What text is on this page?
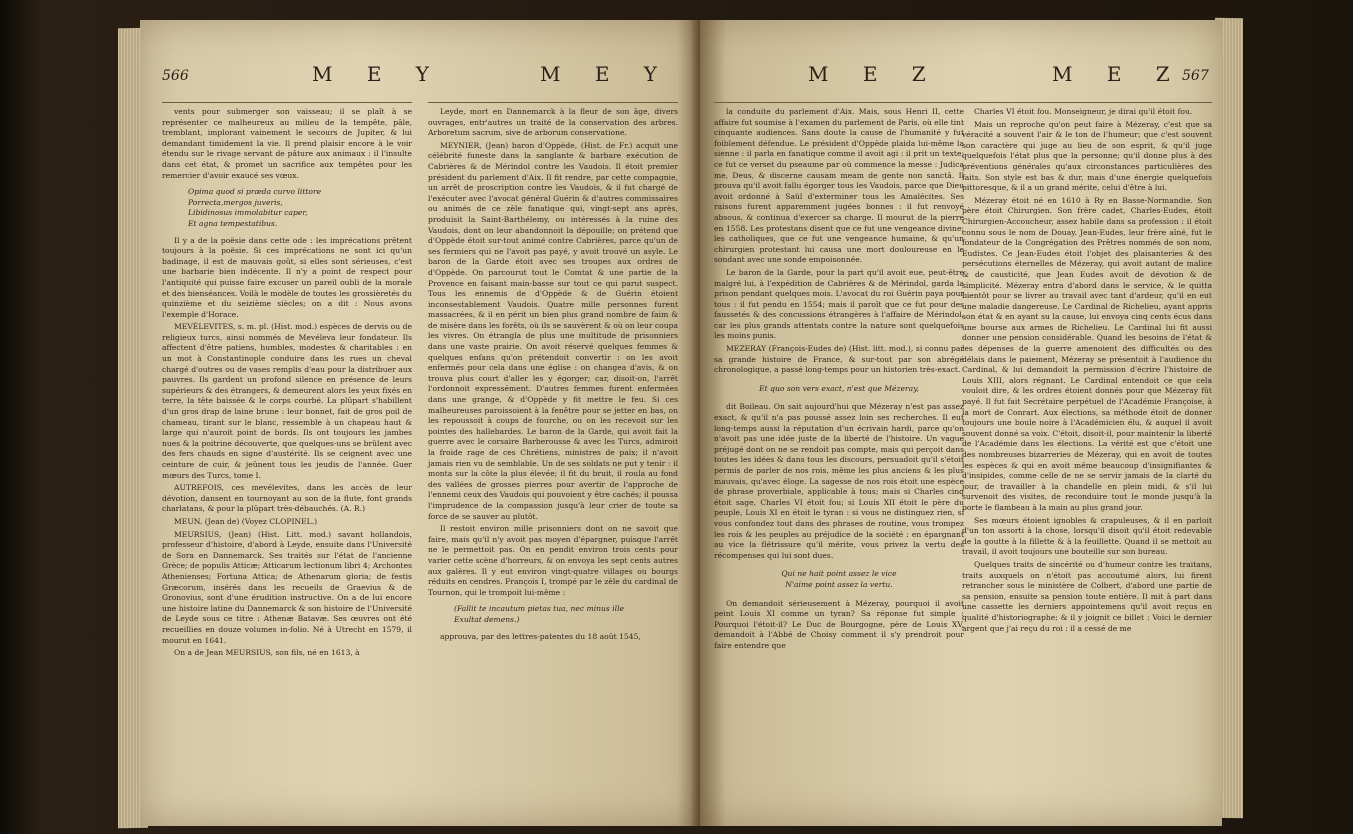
566	M E Y	M E Y

vents pour submerger son vaisseau; il se plaît à se représenter ce malheureux au milieu de la tempête, pâle, tremblant, implorant vainement le secours de Jupiter, & lui demandant timidement la vie. Il prend plaisir encore à le voir étendu sur le rivage servant de pâture aux animaux : il l'insulte dans cet état, & promet un sacrifice aux tempêtes pour les remercier d'avoir exaucé ses vœux.

Opima quod si præda curvo littore
Porrecta,mergos juveris,
Libidinosus immolabitur caper,
Et agna tempestatibus.

Il y a de la poësie dans cette ode : les imprécations prêtent toujours à la poësie. Si ces imprécations ne sont ici qu'un badinage, il est de mauvais goût, si elles sont sérieuses, c'est une barbarie bien indécente. Il n'y a point de respect pour l'antiquité qui puisse faire excuser un pareil oubli de la morale et des bienséances. Voilà le modèle de toutes les grossièretés du quinzième et du seizième siècles; on a dit : Nous avons l'exemple d'Horace.

MEVÉLEVITES, s. m. pl. (Hist. mod.) espèces de dervis ou de religieux turcs, ainsi nommés de Mevéleva leur fondateur. Ils affectent d'être patiens, humbles, modestes & charitables : en un mot à Constantinople conduire dans les rues un cheval chargé d'outres ou de vases remplis d'eau pour la distribuer aux pauvres. Ils gardent un profond silence en présence de leurs supérieurs & des étrangers, & demeurent alors les yeux fixés en terre, la tête baissée & le corps courbé. La plûpart s'habillent d'un gros drap de laine brune : leur bonnet, fait de gros poil de chameau, tirant sur le blanc, ressemble à un chapeau haut & large qui n'auroit point de bords. Ils ont toujours les jambes nues & la poitrine découverte, que quelques-uns se brûlent avec des fers chauds en signe d'austérité. Ils se ceignent avec une ceinture de cuir, & jeûnent tous les jeudis de l'année. Guer mœurs des Turcs, tome I.

AUTREFOIS, ces mevélevites, dans les accès de leur dévotion, dansent en tournoyant au son de la flute, font grands charlatans, & pour la plûpart très-débauchés. (A. R.)

MEUN. (Jean de) (Voyez CLOPINEL.)

MEURSIUS, (Jean) (Hist. Litt. mod.) savant hollandois, professeur d'histoire, d'abord à Leyde, ensuite dans l'Université de Sora en Dannemarck. Ses traités sur l'état de l'ancienne Grèce; de populis Atticæ; Atticarum lectionum libri 4; Archontes Athenienses; Fortuna Attica; de Athenarum gloria; de festis Græcorum, insérés dans les recueils de Graevius & de Gronovius, sont d'une érudition instructive. On a de lui encore une histoire latine du Dannemarck & son histoire de l'Université de Leyde sous ce titre : Athenæ Batavæ. Ses œuvres ont été recueillies en douze volumes in-folio. Né à Utrecht en 1579, il mourut en 1641.

On a de Jean MEURSIUS, son fils, né en 1613, à

Leyde, mort en Dannemarck à la fleur de son âge, divers ouvrages, entr'autres un traité de la conservation des arbres. Arboretum sacrum, sive de arborum conservatione.

MEYNIER, (Jean) baron d'Oppède, (Hist. de Fr.) acquit une célébrité funeste dans la sanglante & barbare exécution de Cabrières & de Mérindol contre les Vaudois. Il étoit premier président du parlement d'Aix. Il fit rendre, par cette compagnie, un arrêt de proscription contre les Vaudois, & il fut chargé de l'exécuter avec l'avocat général Guérin & d'autres commissaires ou animés de ce zèle fanatique qui, vingt-sept ans après, produisit la Saint-Barthélemy, ou intéressés à la ruine des Vaudois, dont on leur abandonnoit la dépouille; on prétend que d'Oppède étoit sur-tout animé contre Cabrières, parce qu'un de ses fermiers qui ne l'avoit pas payé, y avoit trouvé un asyle. Le baron de la Garde étoit avec ses troupes aux ordres de d'Oppède. On parcourut tout le Comtat & une partie de la Provence en faisant main-basse sur tout ce qui parut suspect. Tous les ennemis de d'Oppède & de Guérin étoient inconsestablement Vaudois. Quatre mille personnes furent massacrées, & il en périt un bien plus grand nombre de faim & de misère dans les forêts, où ils se sauvèrent & où on leur coupa les vivres. On étrangla de plus une multitude de prisonniers dans une vaste prairie. On avoit réservé quelques femmes & quelques enfans qu'on prétendoit convertir : on les avoit enfermés pour cela dans une église : on changea d'avis, & on trouva plus court d'aller les y égorger; car, disoit-on, l'arrêt l'ordonnoit expressément. D'autres femmes furent enfermées dans une grange, & d'Oppède y fit mettre le feu. Si ces malheureuses paroissoient à la fenêtre pour se jetter en bas, on les repoussoit à coups de fourche, ou on les recevoit sur les pointes des hallebardes. Le baron de la Garde, qui avoit fait la guerre avec le corsaire Barberousse & avec les Turcs, admiroit la froide rage de ces Chrétiens, ministres de paix; il n'avoit jamais rien vu de semblable. Un de ses soldats ne put y tenir : il monta sur la côte la plus élevée; il fit du bruit, il roula au fond des vallées de grosses pierres pour avertir de l'approche de l'ennemi ceux des Vaudois qui pouvoient y être cachés; il poussa l'imprudence de la compassion jusqu'à leur crier de toute sa force de se sauver au plutôt.

Il restoit environ mille prisonniers dont on ne savoit que faire, mais qu'il n'y avoit pas moyen d'épargner, puisque l'arrêt ne le permettoit pas. On en pendit environ trois cents pour varier cette scène d'horreurs, & on envoya les sept cents autres aux galères. Il y eut environ vingt-quatre villages ou bourgs réduits en cendres. François I, trompé par le zèle du cardinal de Tournon, qui le trompoit lui-même :

(Fallit te incautum pietas tua, nec minus ille
Exultat demens.)

approuva, par des lettres-patentes du 18 août 1545,

M E Z	M E Z
567

la conduite du parlement d'Aix. Mais, sous Henri II, cette affaire fut soumise à l'examen du parlement de Paris, où elle tint cinquante audiences. Sans doute la cause de l'humanité y fut foiblement défendue. Le président d'Oppède plaida lui-même la sienne : il parla en fanatique comme il avoit agi : il prit un texte; ce fut ce verset du pseaume par où commence la messe : Judica me, Deus, & discerne causam meam de gente non sanctâ. Il prouva qu'il avoit fallu égorger tous les Vaudois, parce que Dieu avoit ordonné à Saül d'exterminer tous les Amalécites. Ses raisons furent apparemment jugées bonnes : il fut renvoyé absous, & continua d'exercer sa charge. Il mourut de la pierre en 1558. Les protestans disent que ce fut une vengeance divine; les catholiques, que ce fut une vengeance humaine, & qu'un chirurgien protestant lui causa une mort douloureuse en le sondant avec une sonde empoisonnée.

Le baron de la Garde, pour la part qu'il avoit eue, peut-être malgré lui, à l'expédition de Cabrières & de Mérindol, garda la prison pendant quelques mois. L'avocat du roi Guérin paya pour tous : il fut pendu en 1554; mais il paroît que ce fut pour des faussetés & des concussions étrangères à l'affaire de Mérindol, car les plus grands attentats contre la nature sont quelquefois les moins punis.

MEZERAY (François-Eudes de) (Hist. litt. mod.), si connu par sa grande histoire de France, & sur-tout par son abrégé chronologique, a passé long-temps pour un historien très-exact.

Et quo son vers exact, n'est que Mézeray,

dit Boileau. On sait aujourd'hui que Mézeray n'est pas assez exact, & qu'il n'a pas poussé assez loin ses recherches. Il eut long-temps aussi la réputation d'un écrivain hardi, parce qu'on n'avoit pas une idée juste de la liberté de l'histoire. Un vague préjugé dont on ne se rendoit pas compte, mais qui perçoit dans toutes les idées & dans tous les discours, persuadoit qu'il s'étoit permis de parler de nos rois, même les plus anciens & les plus mauvais, qu'avec éloge. La sagesse de nos rois étoit une espèce de phrase proverbiale, applicable à tous; mais si Charles cinq étoit sage, Charles VI étoit fou; si Louis XII étoit le père du peuple, Louis XI en étoit le tyran : si vous ne distinguez rien, si vous confondez tout dans des phrases de routine, vous trompez les rois & les peuples au préjudice de la société : en épargnant au vice la flétrissure qu'il mérite, vous privez la vertu des récompenses qui lui sont dues.

Qui ne hait point assez le vice
N'aime point assez la vertu.

On demandoit sérieusement à Mézeray, pourquoi il avoit peint Louis XI comme un tyran? Sa réponse fut simple : Pourquoi l'étoit-il? Le Duc de Bourgogne, père de Louis XV, demandoit à l'Abbé de Choisy comment il s'y prendroit pour faire entendre que

Charles VI étoit fou. Monseigneur, je dirai qu'il étoit fou.

Mais un reproche qu'on peut faire à Mézeray, c'est que sa véracité a souvent l'air & le ton de l'humeur; que c'est souvent son caractère qui juge au lieu de son esprit, & qu'il juge quelquefois l'état plus que la personne; qu'il donne plus à des préventions générales qu'aux circonstances particulières des faits. Son style est bas & dur, mais d'une énergie quelquefois pittoresque, & il a un grand mérite, celui d'être à lui.

Mézeray étoit né en 1610 à Ry en Basse-Normandie. Son père étoit Chirurgien. Son frère cadet, Charles-Eudes, étoit Chirurgien-Accoucheur, assez habile dans sa profession : il étoit connu sous le nom de Douay. Jean-Eudes, leur frère aîné, fut le fondateur de la Congrégation des Prêtres nommés de son nom, Eudistes. Ce Jean-Eudes étoit l'objet des plaisanteries & des persécutions éternelles de Mézeray, qui avoit autant de malice & de causticité, que Jean Eudes avoit de dévotion & de simplicité. Mézeray entra d'abord dans le service, & le quitta bientôt pour se livrer au travail avec tant d'ardeur, qu'il en eut une maladie dangereuse. Le Cardinal de Richelieu, ayant appris son état & en ayant su la cause, lui envoya cinq cents écus dans une bourse aux armes de Richelieu. Le Cardinal lui fit aussi donner une pension considérable. Quand les besoins de l'état & les dépenses de la guerre amenoient des difficultés ou des délais dans le paiement, Mézeray se présentoit à l'audience du Cardinal, & lui demandoit la permission d'écrire l'histoire de Louis XIII, alors régnant. Le Cardinal entendoit ce que cela vouloit dire, & les ordres étoient donnés pour que Mézeray fût payé. Il fut fait Secrétaire perpétuel de l'Académie Françoise, à la mort de Conrart. Aux élections, sa méthode étoit de donner toujours une boule noire à l'Académicien élu, & auquel il avoit souvent donné sa voix. C'étoit, disoit-il, pour maintenir la liberté de l'Académie dans les élections. La vérité est que c'étoit une des nombreuses bizarreries de Mézeray, qui en avoit de toutes les espèces & qui en avoit même beaucoup d'insignifiantes & d'insipides, comme celle de ne se servir jamais de la clarté du jour, de travailler à la chandelle en plein midi, & s'il lui survenoit des visites, de reconduire tout le monde jusqu'à la porte le flambeau à la main au plus grand jour.

Ses mœurs étoient ignobles & crapuleuses, & il en parloit d'un ton assorti à la chose, lorsqu'il disoit qu'il étoit redevable de la goutte à la fillette & à la feuillette. Quand il se mettoit au travail, il avoit toujours une bouteille sur son bureau.

Quelques traits de sincérité ou d'humeur contre les traitans, traits auxquels on n'étoit pas accoutumé alors, lui firent retrancher sous le ministère de Colbert, d'abord une partie de sa pension, ensuite sa pension toute entière. Il mit à part dans une cassette les derniers appointemens qu'il avoit reçus en qualité d'historiographe; & il y joignit ce billet : Voici le dernier argent que j'ai reçu du roi : il a cessé de me
